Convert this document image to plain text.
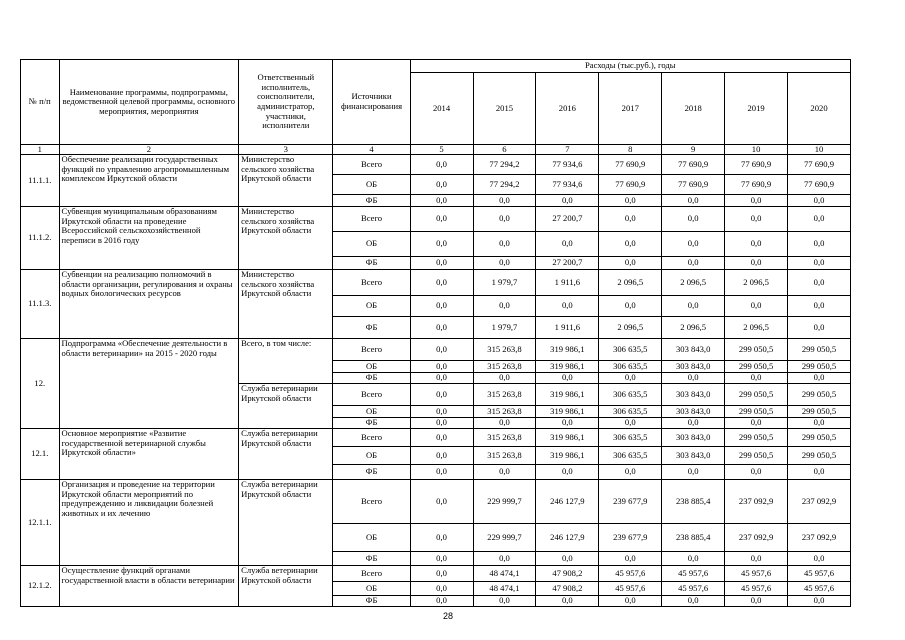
№ п/п	Наименование программы, подпрограммы, ведомственной целевой программы, основного мероприятия, мероприятия	Ответственный исполнитель, соисполнители, администратор, участники, исполнители	Источники финансирования	Расходы (тыс.руб.), годы						
				2014	2015	2016	2017	2018	2019	2020
1	2	3	4	5	6	7	8	9	10	10
11.1.1.	Обеспечение реализации государственных функций по управлению агропромышленным комплексом Иркутской области	Министерство сельского хозяйства Иркутской области	Всего	0,0	77 294,2	77 934,6	77 690,9	77 690,9	77 690,9	77 690,9
			ОБ	0,0	77 294,2	77 934,6	77 690,9	77 690,9	77 690,9	77 690,9
			ФБ	0,0	0,0	0,0	0,0	0,0	0,0	0,0
11.1.2.	Субвенция муниципальным образованиям Иркутской области на проведение Всероссийской сельскохозяйственной переписи в 2016 году	Министерство сельского хозяйства Иркутской области	Всего	0,0	0,0	27 200,7	0,0	0,0	0,0	0,0
			ОБ	0,0	0,0	0,0	0,0	0,0	0,0	0,0
			ФБ	0,0	0,0	27 200,7	0,0	0,0	0,0	0,0
11.1.3.	Субвенции на реализацию полномочий в области организации, регулирования и охраны водных биологических ресурсов	Министерство сельского хозяйства Иркутской области	Всего	0,0	1 979,7	1 911,6	2 096,5	2 096,5	2 096,5	0,0
			ОБ	0,0	0,0	0,0	0,0	0,0	0,0	0,0
			ФБ	0,0	1 979,7	1 911,6	2 096,5	2 096,5	2 096,5	0,0
12.	Подпрограмма «Обеспечение деятельности в области ветеринарии» на 2015 - 2020 годы	Всего, в том числе:	Всего	0,0	315 263,8	319 986,1	306 635,5	303 843,0	299 050,5	299 050,5
			ОБ	0,0	315 263,8	319 986,1	306 635,5	303 843,0	299 050,5	299 050,5
			ФБ	0,0	0,0	0,0	0,0	0,0	0,0	0,0
		Служба ветеринарии Иркутской области	Всего	0,0	315 263,8	319 986,1	306 635,5	303 843,0	299 050,5	299 050,5
			ОБ	0,0	315 263,8	319 986,1	306 635,5	303 843,0	299 050,5	299 050,5
			ФБ	0,0	0,0	0,0	0,0	0,0	0,0	0,0
12.1.	Основное мероприятие «Развитие государственной ветеринарной службы Иркутской области»	Служба ветеринарии Иркутской области	Всего	0,0	315 263,8	319 986,1	306 635,5	303 843,0	299 050,5	299 050,5
			ОБ	0,0	315 263,8	319 986,1	306 635,5	303 843,0	299 050,5	299 050,5
			ФБ	0,0	0,0	0,0	0,0	0,0	0,0	0,0
12.1.1.	Организация и проведение на территории Иркутской области мероприятий по предупреждению и ликвидации болезней животных и их лечению	Служба ветеринарии Иркутской области	Всего	0,0	229 999,7	246 127,9	239 677,9	238 885,4	237 092,9	237 092,9
			ОБ	0,0	229 999,7	246 127,9	239 677,9	238 885,4	237 092,9	237 092,9
			ФБ	0,0	0,0	0,0	0,0	0,0	0,0	0,0
12.1.2.	Осуществление функций органами государственной власти в области ветеринарии	Служба ветеринарии Иркутской области	Всего	0,0	48 474,1	47 908,2	45 957,6	45 957,6	45 957,6	45 957,6
			ОБ	0,0	48 474,1	47 908,2	45 957,6	45 957,6	45 957,6	45 957,6
			ФБ	0,0	0,0	0,0	0,0	0,0	0,0	0,0
28
